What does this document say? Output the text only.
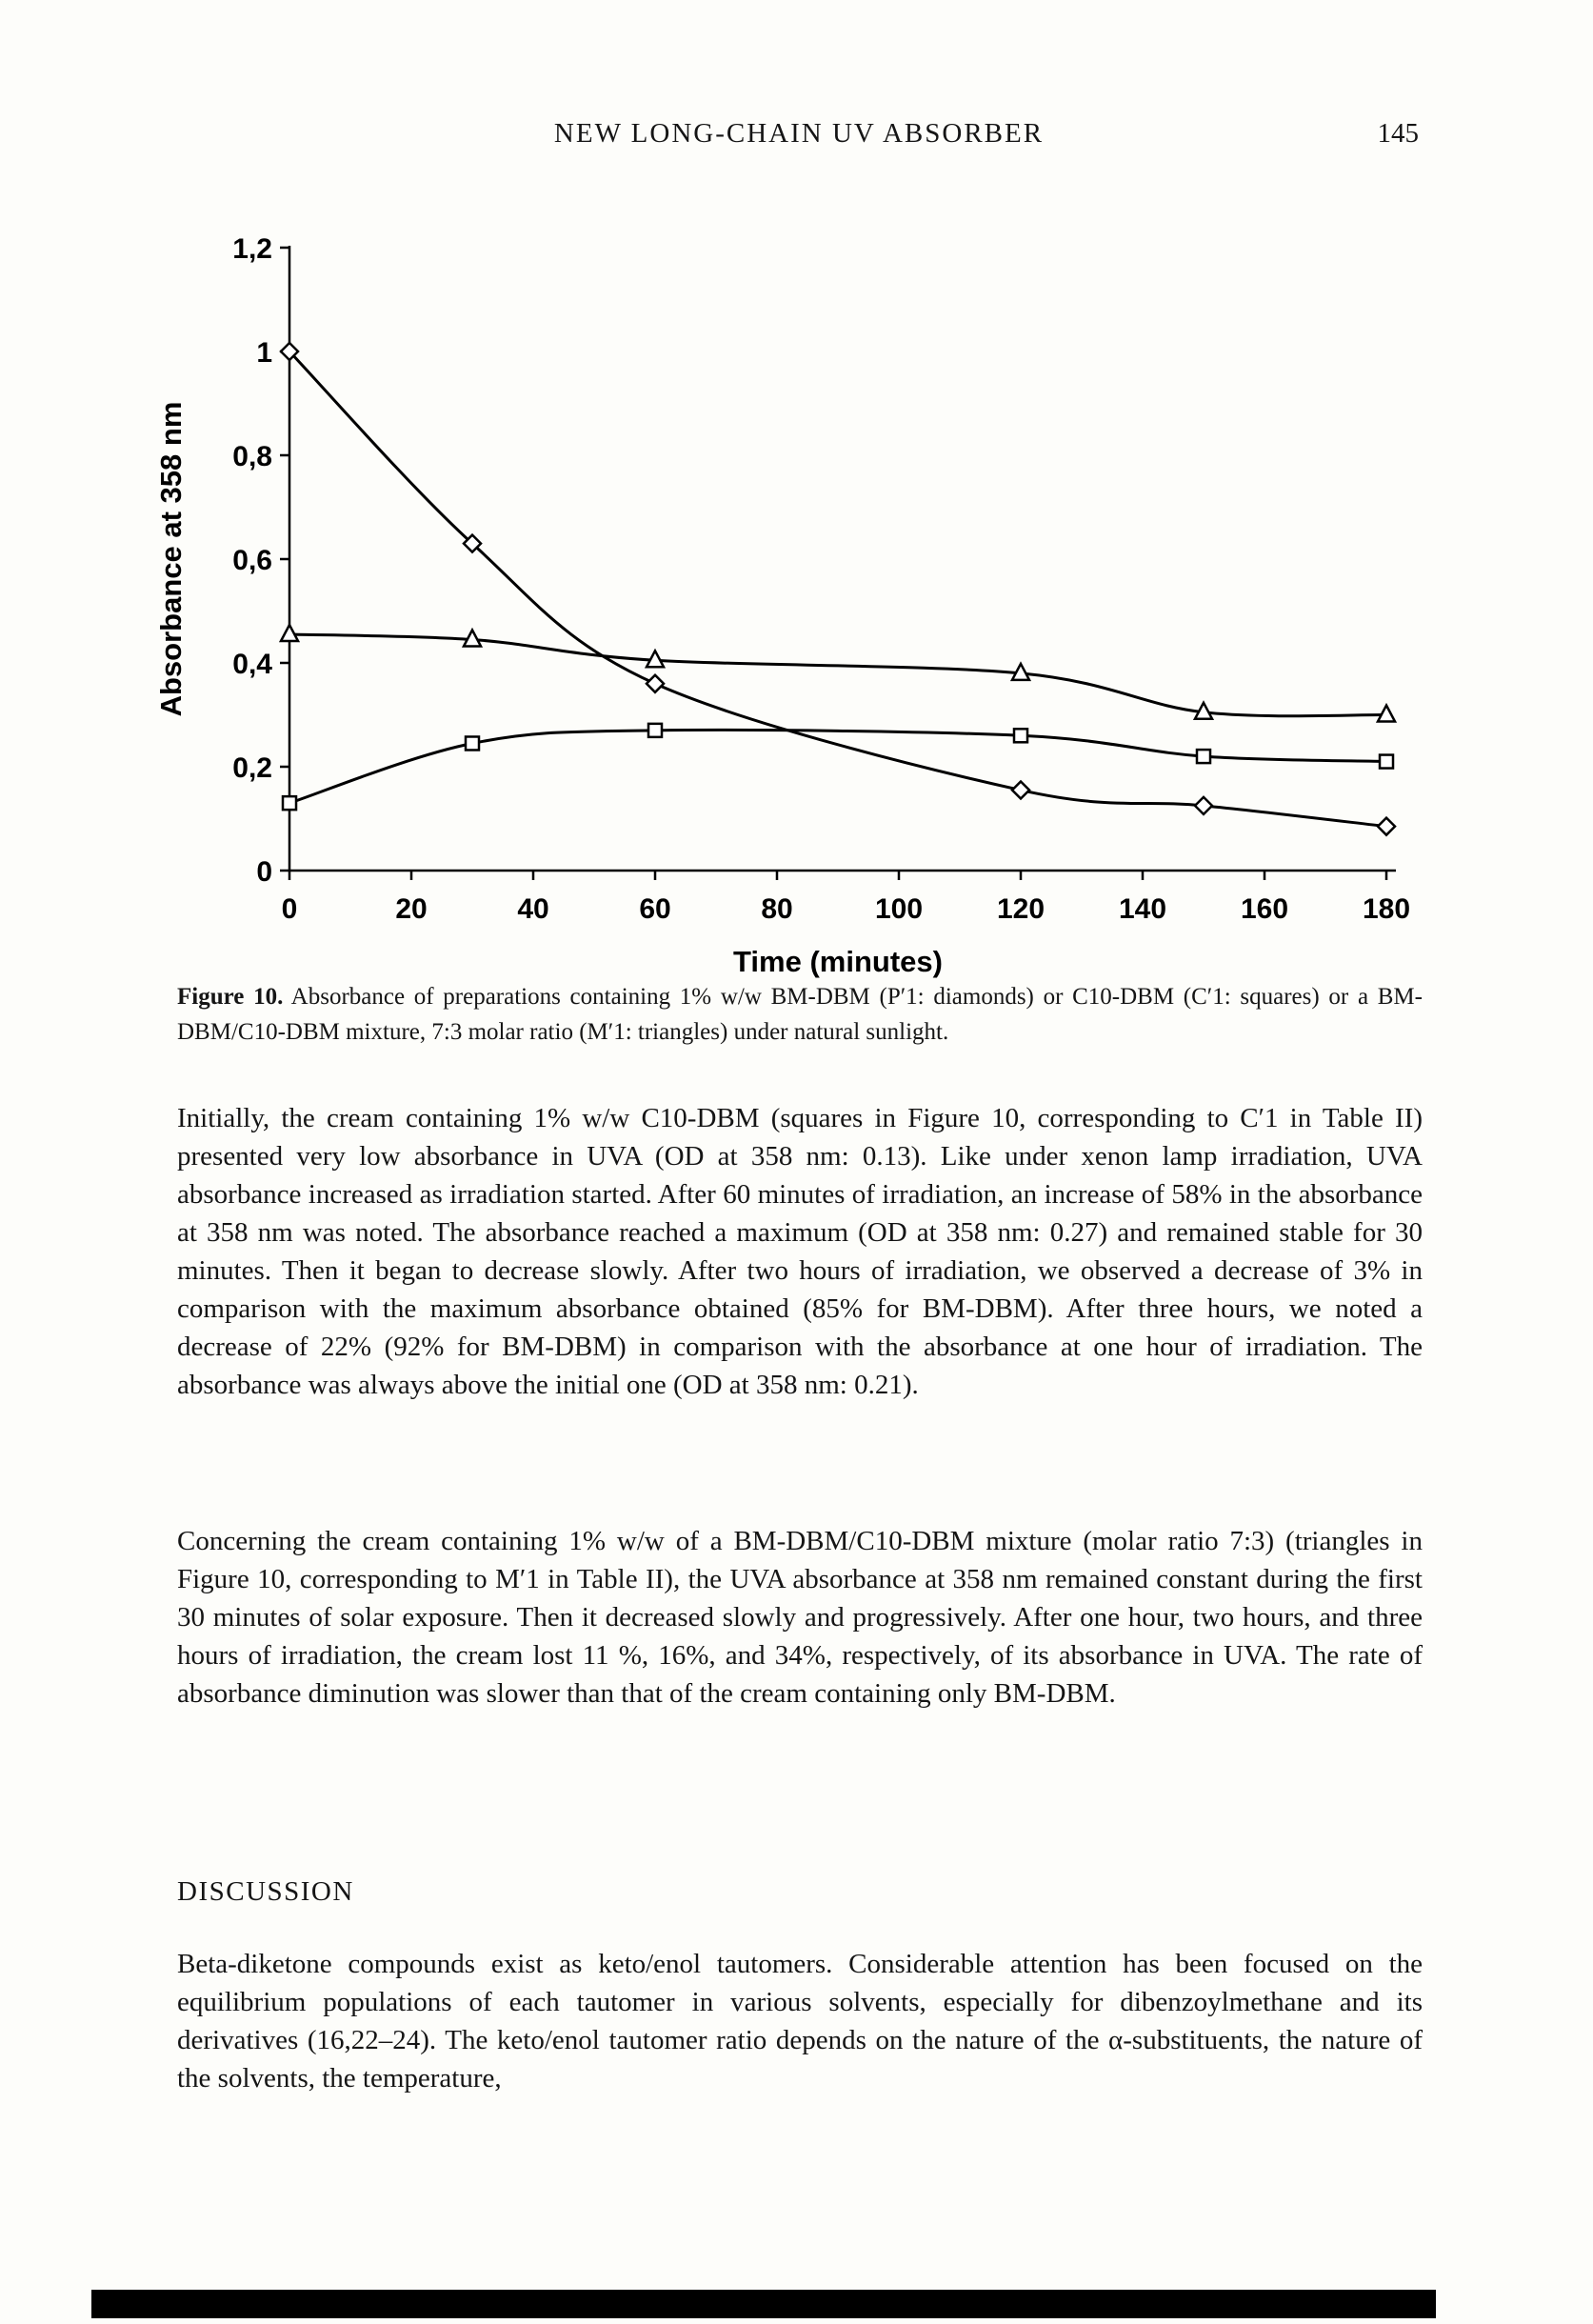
NEW LONG-CHAIN UV ABSORBER	145
0
0,2
0,4
0,6
0,8
1
1,2
0	20	40	60	80	100	120	140	160	180
Time (minutes)
Absorbance at 358 nm

Figure 10. Absorbance of preparations containing 1% w/w BM-DBM (P′1: diamonds) or C10-DBM (C′1: squares) or a BM-DBM/C10-DBM mixture, 7:3 molar ratio (M′1: triangles) under natural sunlight.

Initially, the cream containing 1% w/w C10-DBM (squares in Figure 10, corresponding to C′1 in Table II) presented very low absorbance in UVA (OD at 358 nm: 0.13). Like under xenon lamp irradiation, UVA absorbance increased as irradiation started. After 60 minutes of irradiation, an increase of 58% in the absorbance at 358 nm was noted. The absorbance reached a maximum (OD at 358 nm: 0.27) and remained stable for 30 minutes. Then it began to decrease slowly. After two hours of irradiation, we observed a decrease of 3% in comparison with the maximum absorbance obtained (85% for BM-DBM). After three hours, we noted a decrease of 22% (92% for BM-DBM) in comparison with the absorbance at one hour of irradiation. The absorbance was always above the initial one (OD at 358 nm: 0.21).

Concerning the cream containing 1% w/w of a BM-DBM/C10-DBM mixture (molar ratio 7:3) (triangles in Figure 10, corresponding to M′1 in Table II), the UVA absorbance at 358 nm remained constant during the first 30 minutes of solar exposure. Then it decreased slowly and progressively. After one hour, two hours, and three hours of irradiation, the cream lost 11 %, 16%, and 34%, respectively, of its absorbance in UVA. The rate of absorbance diminution was slower than that of the cream containing only BM-DBM.

DISCUSSION

Beta-diketone compounds exist as keto/enol tautomers. Considerable attention has been focused on the equilibrium populations of each tautomer in various solvents, especially for dibenzoylmethane and its derivatives (16,22–24). The keto/enol tautomer ratio depends on the nature of the α-substituents, the nature of the solvents, the temperature,
